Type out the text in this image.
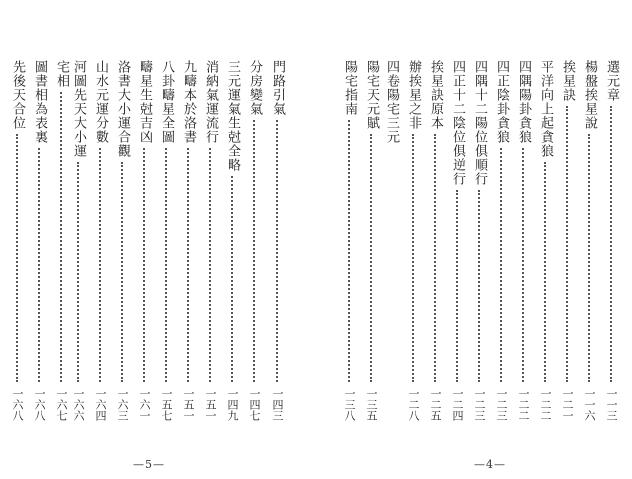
門路引氣
一四三
分房變氣
一四七
三元運氣生尅全略
一四九
消納氣運流行
一五一
九疇本於洛書
一五一
八卦疇星全圖
一五七
疇星生尅吉凶
一六一
洛書大小運合觀
一六三
山水元運分數
一六四
河圖先天大小運
一六六
宅相
一六七
圖書相為表裏
一六八
先後天合位
一六八
—5—
選元章
一一三
楊盤挨星說
一一六
挨星訣
一二一
平洋向上起貪狼
一二二
四隅陽卦貪狼
一二二
四正陰卦貪狼
一二三
四隅十二陽位俱順行
一二三
四正十二陰位俱逆行
一二四
挨星訣原本
一二五
辦挨星之非
一二八
四卷陽宅三元
陽宅天元賦
一三五
陽宅指南
一三八
—4—
